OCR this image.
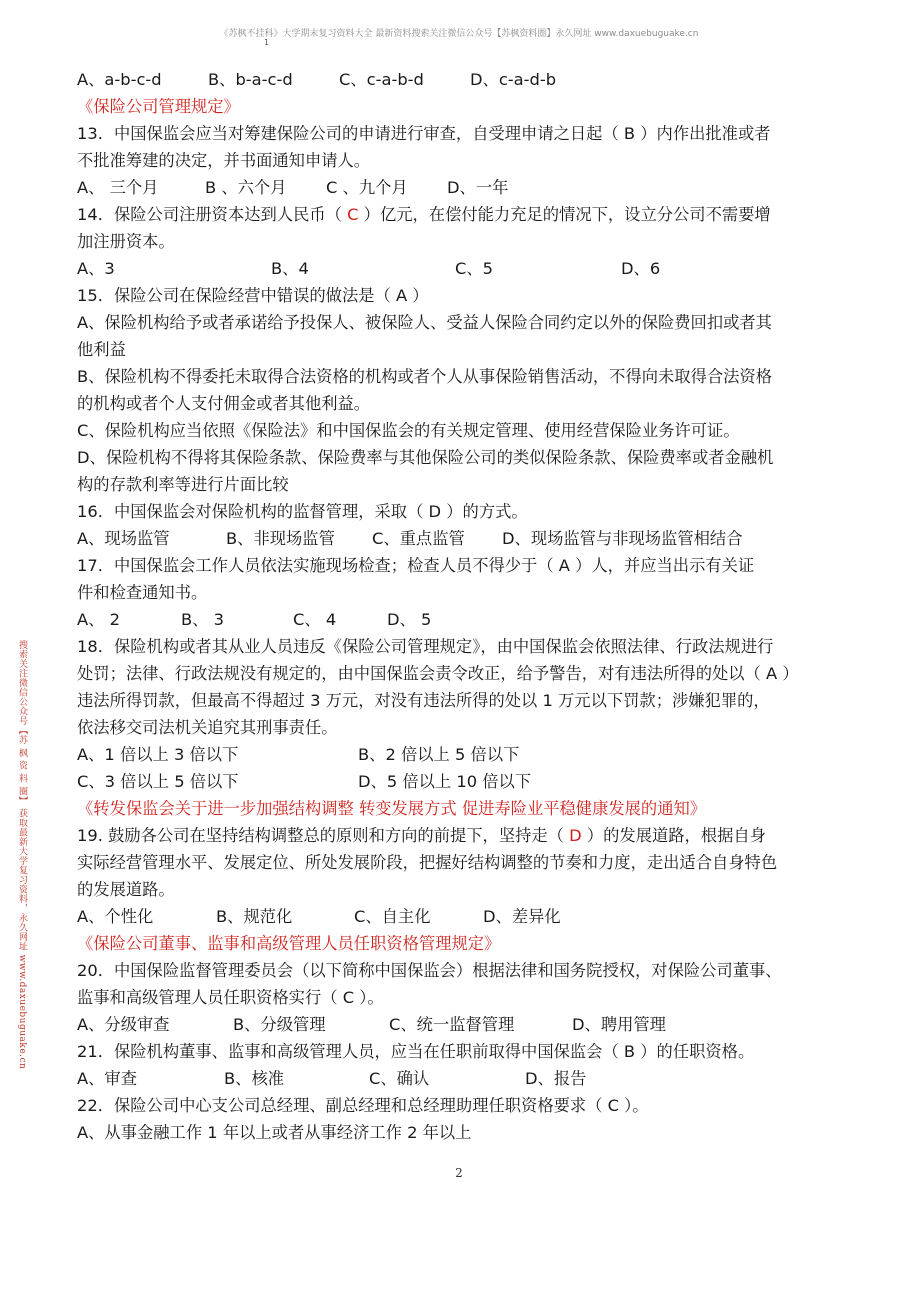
《苏枫不挂科》大学期末复习资料大全 最新资料搜索关注微信公众号【苏枫资料圈】永久网址 www.daxuebuguake.cn
1
搜索关注微信公众号【苏 枫 资 料 圈】 获取最新大学复习资料，永久网址 www.daxuebuguake.cn
A、a-b-c-d	B、b-a-c-d	C、c-a-b-d	D、c-a-d-b
《保险公司管理规定》
13．中国保监会应当对筹建保险公司的申请进行审查，自受理申请之日起（ B ）内作出批准或者
不批准筹建的决定，并书面通知申请人。
A、 三个月	B 、六个月 C 、九个月 D、一年
14．保险公司注册资本达到人民币（ C ）亿元，在偿付能力充足的情况下，设立分公司不需要增
加注册资本。
A、3	B、4	C、5	D、6
15．保险公司在保险经营中错误的做法是（ A ）
A、保险机构给予或者承诺给予投保人、被保险人、受益人保险合同约定以外的保险费回扣或者其
他利益
B、保险机构不得委托未取得合法资格的机构或者个人从事保险销售活动，不得向未取得合法资格
的机构或者个人支付佣金或者其他利益。
C、保险机构应当依照《保险法》和中国保监会的有关规定管理、使用经营保险业务许可证。
D、保险机构不得将其保险条款、保险费率与其他保险公司的类似保险条款、保险费率或者金融机
构的存款利率等进行片面比较
16．中国保监会对保险机构的监督管理，采取（ D ）的方式。
A、现场监管	B、非现场监管 C、重点监管 D、现场监管与非现场监管相结合
17．中国保监会工作人员依法实施现场检查；检查人员不得少于（ A ）人，并应当出示有关证
件和检查通知书。
A、 2	B、 3	C、 4	D、 5
18．保险机构或者其从业人员违反《保险公司管理规定》，由中国保监会依照法律、行政法规进行
处罚；法律、行政法规没有规定的，由中国保监会责令改正，给予警告，对有违法所得的处以（ A ）
违法所得罚款，但最高不得超过 3 万元，对没有违法所得的处以 1 万元以下罚款；涉嫌犯罪的，
依法移交司法机关追究其刑事责任。
A、1 倍以上 3 倍以下	B、2 倍以上 5 倍以下
C、3 倍以上 5 倍以下	D、5 倍以上 10 倍以下
《转发保监会关于进一步加强结构调整 转变发展方式 促进寿险业平稳健康发展的通知》
19. 鼓励各公司在坚持结构调整总的原则和方向的前提下，坚持走（ D ）的发展道路，根据自身
实际经营管理水平、发展定位、所处发展阶段，把握好结构调整的节奏和力度，走出适合自身特色
的发展道路。
A、个性化	B、规范化	C、自主化	D、差异化
《保险公司董事、监事和高级管理人员任职资格管理规定》
20．中国保险监督管理委员会（以下简称中国保监会）根据法律和国务院授权，对保险公司董事、
监事和高级管理人员任职资格实行（ C ）。
A、分级审查	B、分级管理	C、统一监督管理	D、聘用管理
21．保险机构董事、监事和高级管理人员，应当在任职前取得中国保监会（ B ）的任职资格。
A、审查	B、核准	C、确认	D、报告
22．保险公司中心支公司总经理、副总经理和总经理助理任职资格要求（ C ）。
A、从事金融工作 1 年以上或者从事经济工作 2 年以上
2
